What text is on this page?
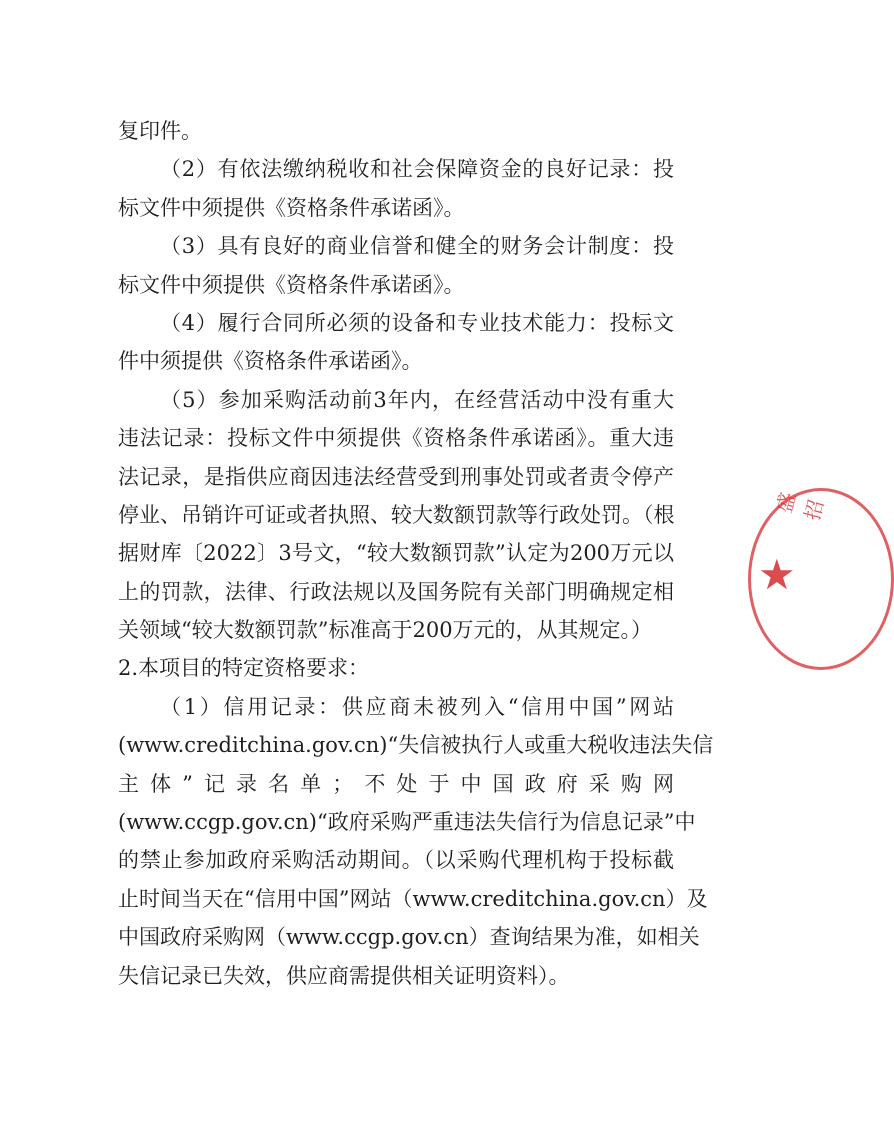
复印件。
（2）有依法缴纳税收和社会保障资金的良好记录：投
标文件中须提供《资格条件承诺函》。
（3）具有良好的商业信誉和健全的财务会计制度：投
标文件中须提供《资格条件承诺函》。
（4）履行合同所必须的设备和专业技术能力：投标文
件中须提供《资格条件承诺函》。
（5）参加采购活动前3年内，在经营活动中没有重大
违法记录：投标文件中须提供《资格条件承诺函》。重大违
法记录，是指供应商因违法经营受到刑事处罚或者责令停产
停业、吊销许可证或者执照、较大数额罚款等行政处罚。（根
据财库〔2022〕3号文，“较大数额罚款”认定为200万元以
上的罚款，法律、行政法规以及国务院有关部门明确规定相
关领域“较大数额罚款”标准高于200万元的，从其规定。）
2.本项目的特定资格要求：
（1）信用记录：供应商未被列入“信用中国”网站
(www.creditchina.gov.cn)“失信被执行人或重大税收违法失信
主体”记录名单；不处于中国政府采购网
(www.ccgp.gov.cn)“政府采购严重违法失信行为信息记录”中
的禁止参加政府采购活动期间。（以采购代理机构于投标截
止时间当天在“信用中国”网站（www.creditchina.gov.cn）及
中国政府采购网（www.ccgp.gov.cn）查询结果为准，如相关
失信记录已失效，供应商需提供相关证明资料）。
盛招
★
